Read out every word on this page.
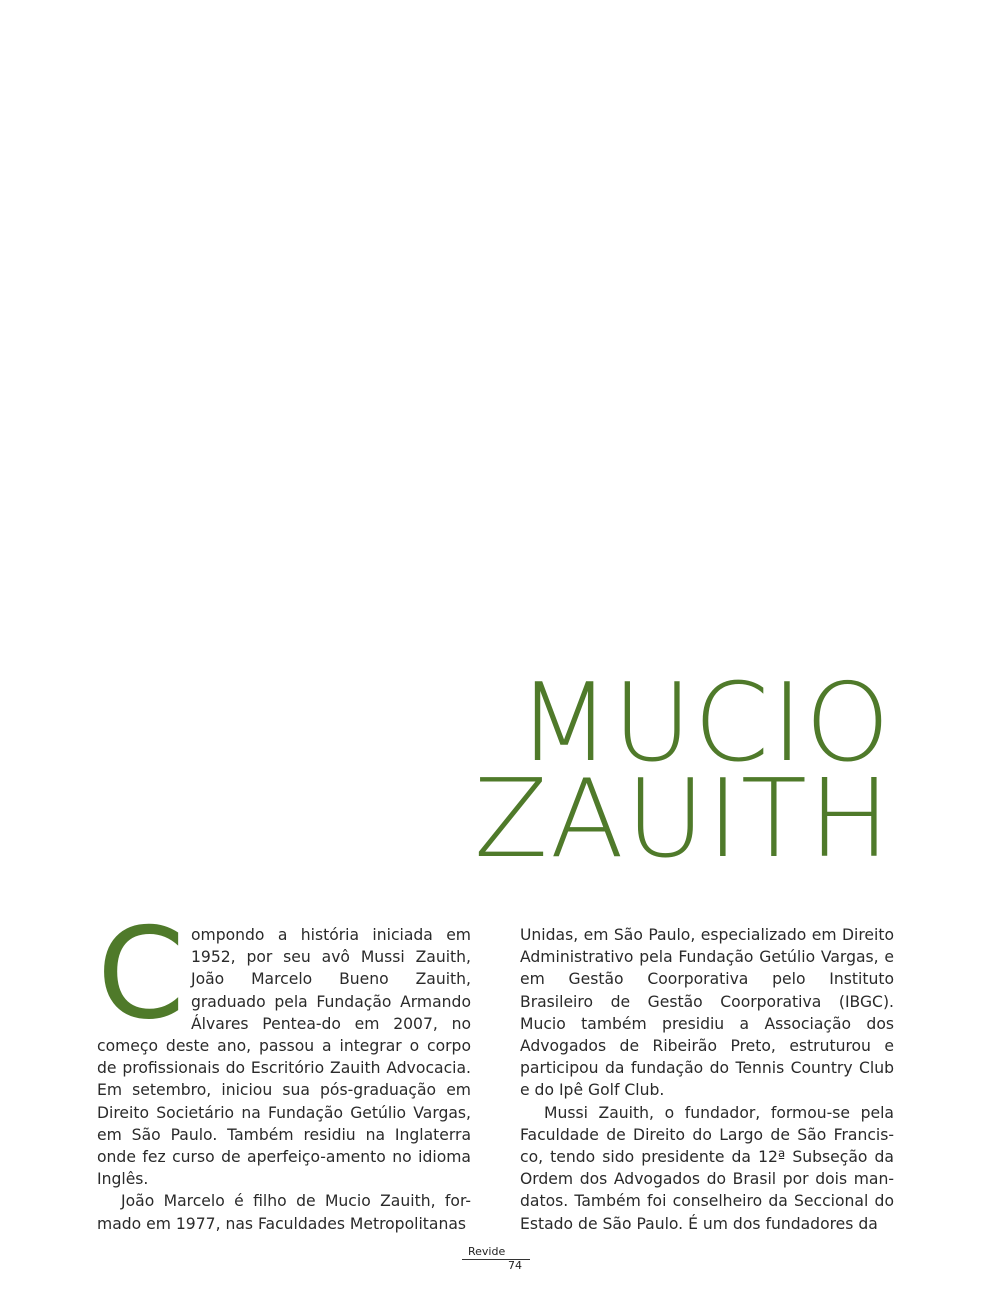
MUCIO
ZAUITH

Compondo a história iniciada em 1952, por seu avô Mussi Zauith, João Marcelo Bueno Zauith, graduado pela Fundação Armando Álvares Pentea-do em 2007, no começo deste ano, passou a integrar o corpo de profissionais do Escritório Zauith Advocacia. Em setembro, iniciou sua pós-graduação em Direito Societário na Fundação Getúlio Vargas, em São Paulo. Também residiu na Inglaterra onde fez curso de aperfeiço-amento no idioma Inglês.

João Marcelo é filho de Mucio Zauith, for-mado em 1977, nas Faculdades Metropolitanas

Unidas, em São Paulo, especializado em Direito Administrativo pela Fundação Getúlio Vargas, e em Gestão Coorporativa pelo Instituto Brasileiro de Gestão Coorporativa (IBGC). Mucio também presidiu a Associação dos Advogados de Ribeirão Preto, estruturou e participou da fundação do Tennis Country Club e do Ipê Golf Club.

Mussi Zauith, o fundador, formou-se pela Faculdade de Direito do Largo de São Francis-co, tendo sido presidente da 12ª Subseção da Ordem dos Advogados do Brasil por dois man-datos. Também foi conselheiro da Seccional do Estado de São Paulo. É um dos fundadores da

Revide
74
